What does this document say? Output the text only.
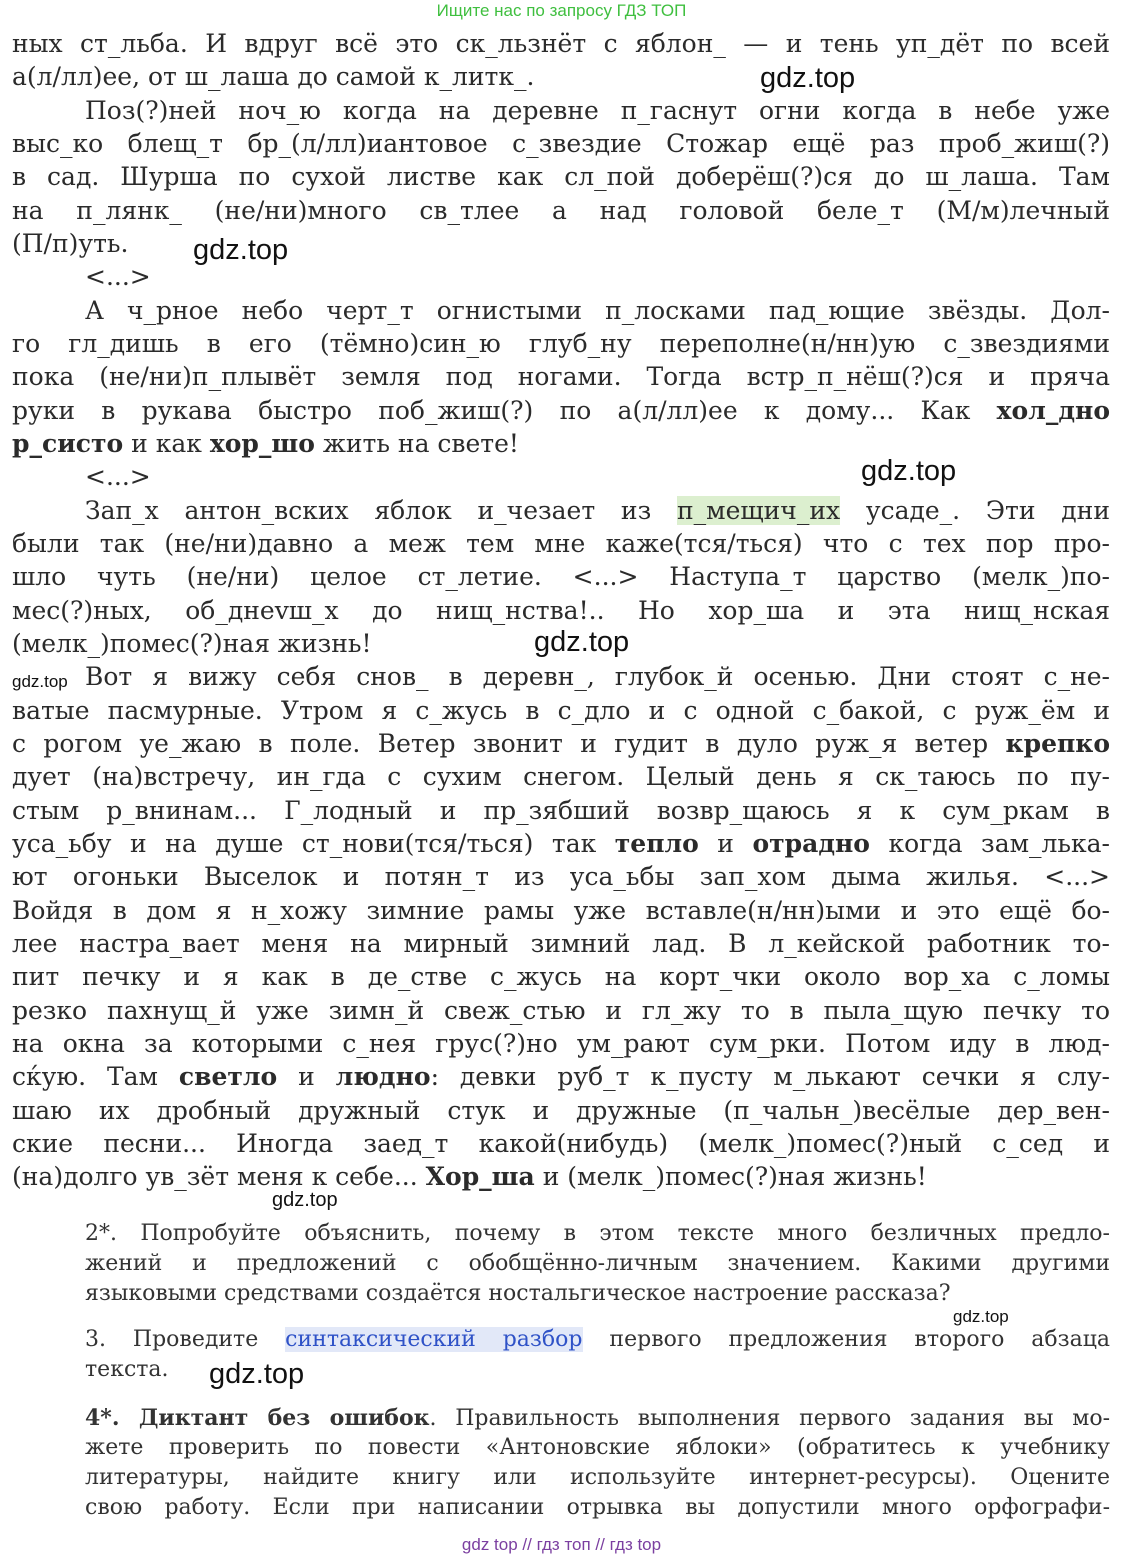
Ищите нас по запросу ГДЗ ТОП
ных ст_льба. И вдруг всё это ск_льзнёт с яблон_ — и тень уп_дёт по всей
а(л/лл)ее, от ш_лаша до самой к_литк_.
Поз(?)ней ноч_ю когда на деревне п_гаснут огни когда в небе уже
выс_ко блещ_т бр_(л/лл)иантовое с_звездие Стожар ещё раз проб_жиш(?)
в сад. Шурша по сухой листве как сл_пой доберёш(?)ся до ш_лаша. Там
на п_лянк_ (не/ни)много св_тлее а над головой беле_т (М/м)лечный
(П/п)уть.
<...>
А ч_рное небо черт_т огнистыми п_лосками пад_ющие звёзды. Дол-
го гл_дишь в его (тёмно)син_ю глуб_ну переполне(н/нн)ую с_звездиями
пока (не/ни)п_плывёт земля под ногами. Тогда встр_п_нёш(?)ся и пряча
руки в рукава быстро поб_жиш(?) по а(л/лл)ее к дому... Как хол_дно
р_систо и как хор_шо жить на свете!
<...>
Зап_х антон_вских яблок и_чезает из п_мещич_их усаде_. Эти дни
были так (не/ни)давно а меж тем мне каже(тся/ться) что с тех пор про-
шло чуть (не/ни) целое ст_летие. <...> Наступа_т царство (мелк_)по-
мес(?)ных, об_днevш_х до нищ_нства!.. Но хор_ша и эта нищ_нская
(мелк_)помес(?)ная жизнь!
Вот я вижу себя снов_ в деревн_, глубок_й осенью. Дни стоят с_не-
ватые пасмурные. Утром я с_жусь в с_дло и с одной с_бакой, с руж_ём и
с рогом уе_жаю в поле. Ветер звонит и гудит в дуло руж_я ветер крепко
дует (на)встречу, ин_гда с сухим снегом. Целый день я ск_таюсь по пу-
стым р_внинам... Г_лодный и пр_зябший возвр_щаюсь я к сум_ркам в
уса_ьбу и на душе ст_нови(тся/ться) так тепло и отрадно когда зам_лька-
ют огоньки Выселок и потян_т из уса_ьбы зап_хом дыма жилья. <...>
Войдя в дом я н_хожу зимние рамы уже вставле(н/нн)ыми и это ещё бо-
лее настра_вает меня на мирный зимний лад. В л_кейской работник то-
пит печку и я как в де_стве с_жусь на корт_чки около вор_ха с_ломы
резко пахнущ_й уже зимн_й свеж_стью и гл_жу то в пыла_щую печку то
на окна за которыми с_нея грус(?)но ум_рают сум_рки. Потом иду в люд-
сќую. Там светло и людно: девки руб_т к_пусту м_лькают сечки я слу-
шаю их дробный дружный стук и дружные (п_чальн_)весёлые дер_вен-
ские песни... Иногда заед_т какой(нибудь) (мелк_)помес(?)ный с_сед и
(на)долго ув_зёт меня к себе... Хор_ша и (мелк_)помес(?)ная жизнь!
2*. Попробуйте объяснить, почему в этом тексте много безличных предло-
жений и предложений с обобщённо-личным значением. Какими другими
языковыми средствами создаётся ностальгическое настроение рассказа?
3. Проведите синтаксический разбор первого предложения второго абзаца
текста.
4*. Диктант без ошибок. Правильность выполнения первого задания вы мо-
жете проверить по повести «Антоновские яблоки» (обратитесь к учебнику
литературы, найдите книгу или используйте интернет-ресурсы). Оцените
свою работу. Если при написании отрывка вы допустили много орфографи-
gdz.top
gdz.top
gdz.top
gdz.top
gdz.top
gdz.top
gdz.top
gdz.top
gdz top // гдз топ // гдз top
